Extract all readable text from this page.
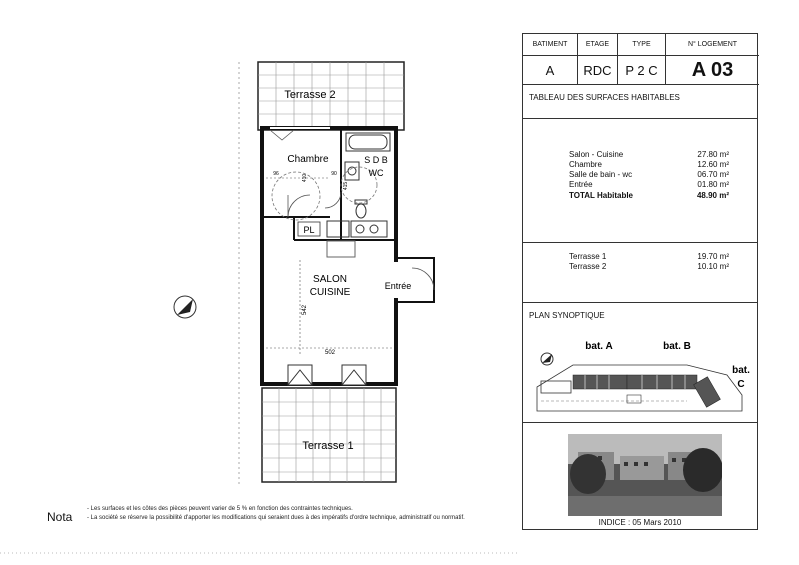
Terrasse 2
Chambre	S D B
WC
PL
SALON
CUISINE
Entrée
Terrasse 1
96	90
410
415
542
502
Nota
- Les surfaces et les côtes des pièces peuvent varier de 5 % en fonction des contraintes techniques.
- La société se réserve la possibilité d'apporter les modifications qui seraient dues à des impératifs d'ordre technique, administratif ou normatif.
BATIMENT	ETAGE	TYPE	N° LOGEMENT
A	RDC	P 2 C	A 03
TABLEAU DES SURFACES HABITABLES
Salon - Cuisine	27.80 m²
Chambre	12.60 m²
Salle de bain - wc	06.70 m²
Entrée	01.80 m²
TOTAL Habitable	48.90 m²
Terrasse 1	19.70 m²
Terrasse 2	10.10 m²
PLAN SYNOPTIQUE
bat. A	bat. B
bat.
C
INDICE : 05 Mars 2010
